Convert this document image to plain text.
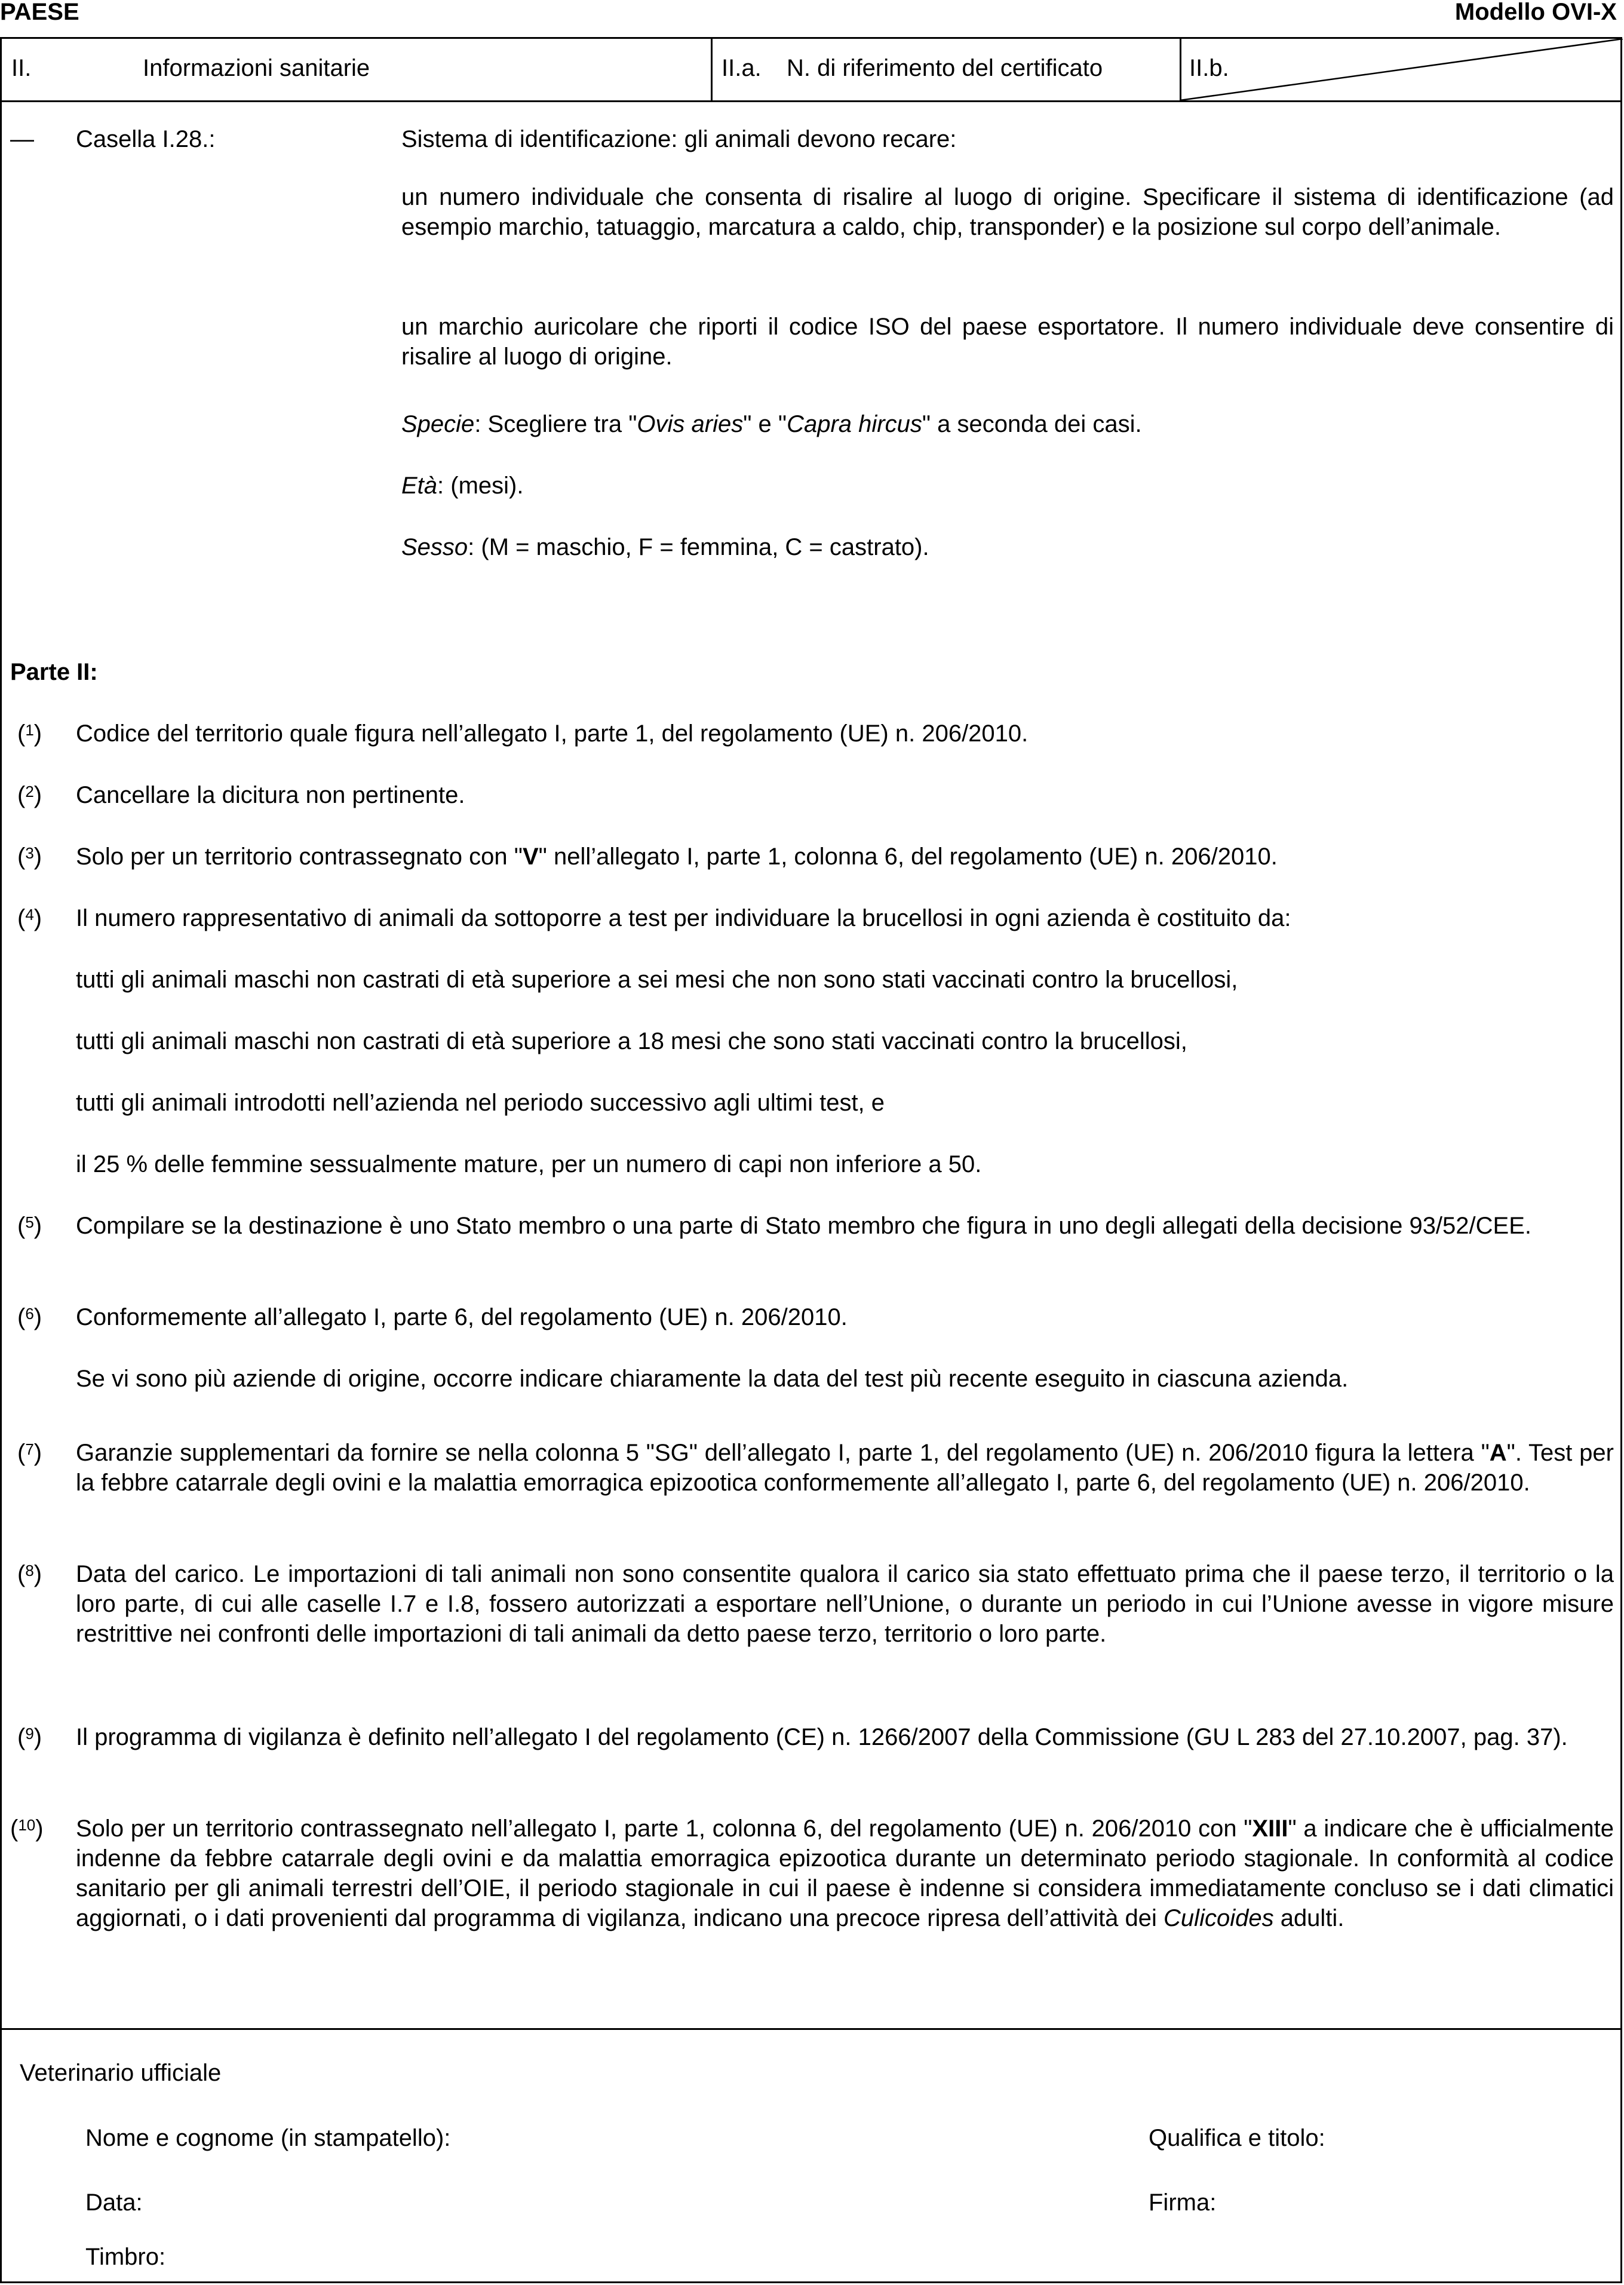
PAESE	Modello OVI-X
II.	Informazioni sanitarie	II.a. N. di riferimento del certificato	II.b.
— Casella I.28.:	Sistema di identificazione: gli animali devono recare:
un numero individuale che consenta di risalire al luogo di origine. Specificare il sistema di identificazione (ad esempio marchio, tatuaggio, marcatura a caldo, chip, transponder) e la posizione sul corpo dell’animale.
un marchio auricolare che riporti il codice ISO del paese esportatore. Il numero individuale deve consentire di risalire al luogo di origine.
Specie: Scegliere tra "Ovis aries" e "Capra hircus" a seconda dei casi.
Età: (mesi).
Sesso: (M = maschio, F = femmina, C = castrato).
Parte II:
($^1$) Codice del territorio quale figura nell’allegato I, parte 1, del regolamento (UE) n. 206/2010.
($^2$) Cancellare la dicitura non pertinente.
($^3$) Solo per un territorio contrassegnato con "V" nell’allegato I, parte 1, colonna 6, del regolamento (UE) n. 206/2010.
($^4$) Il numero rappresentativo di animali da sottoporre a test per individuare la brucellosi in ogni azienda è costituito da:
tutti gli animali maschi non castrati di età superiore a sei mesi che non sono stati vaccinati contro la brucellosi,
tutti gli animali maschi non castrati di età superiore a 18 mesi che sono stati vaccinati contro la brucellosi,
tutti gli animali introdotti nell’azienda nel periodo successivo agli ultimi test, e
il 25 % delle femmine sessualmente mature, per un numero di capi non inferiore a 50.
($^5$) Compilare se la destinazione è uno Stato membro o una parte di Stato membro che figura in uno degli allegati della decisione 93/52/CEE.
($^6$) Conformemente all’allegato I, parte 6, del regolamento (UE) n. 206/2010.
Se vi sono più aziende di origine, occorre indicare chiaramente la data del test più recente eseguito in ciascuna azienda.
($^7$) Garanzie supplementari da fornire se nella colonna 5 "SG" dell’allegato I, parte 1, del regolamento (UE) n. 206/2010 figura la lettera "A". Test per la febbre catarrale degli ovini e la malattia emorragica epizootica conformemente all’allegato I, parte 6, del regolamento (UE) n. 206/2010.
($^8$) Data del carico. Le importazioni di tali animali non sono consentite qualora il carico sia stato effettuato prima che il paese terzo, il territorio o la loro parte, di cui alle caselle I.7 e I.8, fossero autorizzati a esportare nell’Unione, o durante un periodo in cui l’Unione avesse in vigore misure restrittive nei confronti delle importazioni di tali animali da detto paese terzo, territorio o loro parte.
($^9$) Il programma di vigilanza è definito nell’allegato I del regolamento (CE) n. 1266/2007 della Commissione (GU L 283 del 27.10.2007, pag. 37).
($^{10}$) Solo per un territorio contrassegnato nell’allegato I, parte 1, colonna 6, del regolamento (UE) n. 206/2010 con "XIII" a indicare che è ufficialmente indenne da febbre catarrale degli ovini e da malattia emorragica epizootica durante un determinato periodo stagionale. In conformità al codice sanitario per gli animali terrestri dell’OIE, il periodo stagionale in cui il paese è indenne si considera immediatamente concluso se i dati climatici aggiornati, o i dati provenienti dal programma di vigilanza, indicano una precoce ripresa dell’attività dei Culicoides adulti.
Veterinario ufficiale
Nome e cognome (in stampatello):	Qualifica e titolo:
Data:	Firma:
Timbro:
